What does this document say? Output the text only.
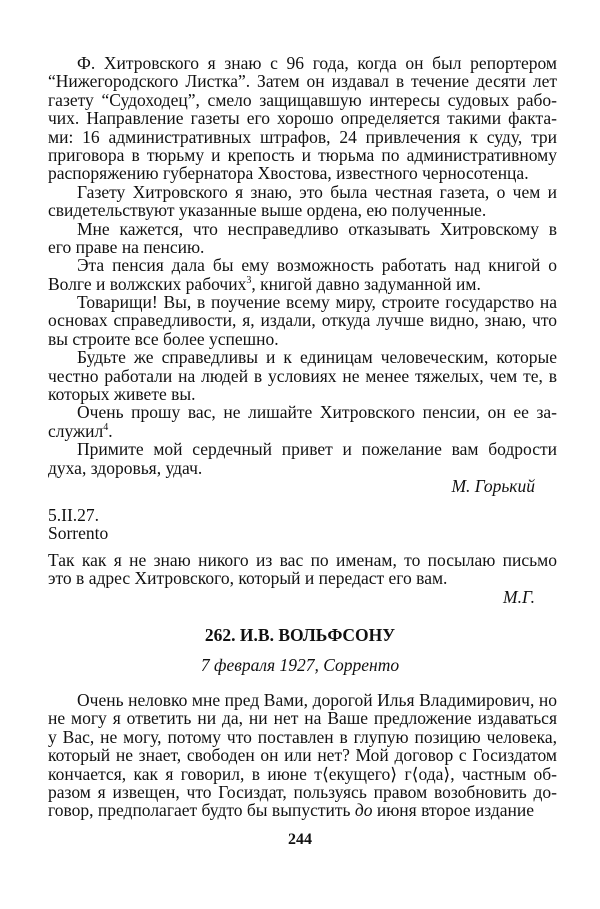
Ф. Хитровского я знаю с 96 года, когда он был репортером
“Нижегородского Листка”. Затем он издавал в течение десяти лет
газету “Судоходец”, смело защищавшую интересы судовых рабо-
чих. Направление газеты его хорошо определяется такими факта-
ми: 16 административных штрафов, 24 привлечения к суду, три
приговора в тюрьму и крепость и тюрьма по административному
распоряжению губернатора Хвостова, известного черносотенца.
Газету Хитровского я знаю, это была честная газета, о чем и
свидетельствуют указанные выше ордена, ею полученные.
Мне кажется, что несправедливо отказывать Хитровскому в
его праве на пенсию.
Эта пенсия дала бы ему возможность работать над книгой о
Волге и волжских рабочих$^3$, книгой давно задуманной им.
Товарищи! Вы, в поучение всему миру, строите государство на
основах справедливости, я, издали, откуда лучше видно, знаю, что
вы строите все более успешно.
Будьте же справедливы и к единицам человеческим, которые
честно работали на людей в условиях не менее тяжелых, чем те, в
которых живете вы.
Очень прошу вас, не лишайте Хитровского пенсии, он ее за-
служил$^4$.
Примите мой сердечный привет и пожелание вам бодрости
духа, здоровья, удач.
М. Горький
5.II.27.
Sorrento
Так как я не знаю никого из вас по именам, то посылаю письмо
это в адрес Хитровского, который и передаст его вам.
М.Г.
262. И.В. ВОЛЬФСОНУ
7 февраля 1927, Сорренто
Очень неловко мне пред Вами, дорогой Илья Владимирович, но
не могу я ответить ни да, ни нет на Ваше предложение издаваться
у Вас, не могу, потому что поставлен в глупую позицию человека,
который не знает, свободен он или нет? Мой договор с Госиздатом
кончается, как я говорил, в июне т⟨екущего⟩ г⟨ода⟩, частным об-
разом я извещен, что Госиздат, пользуясь правом возобновить до-
говор, предполагает будто бы выпустить до июня второе издание
244
